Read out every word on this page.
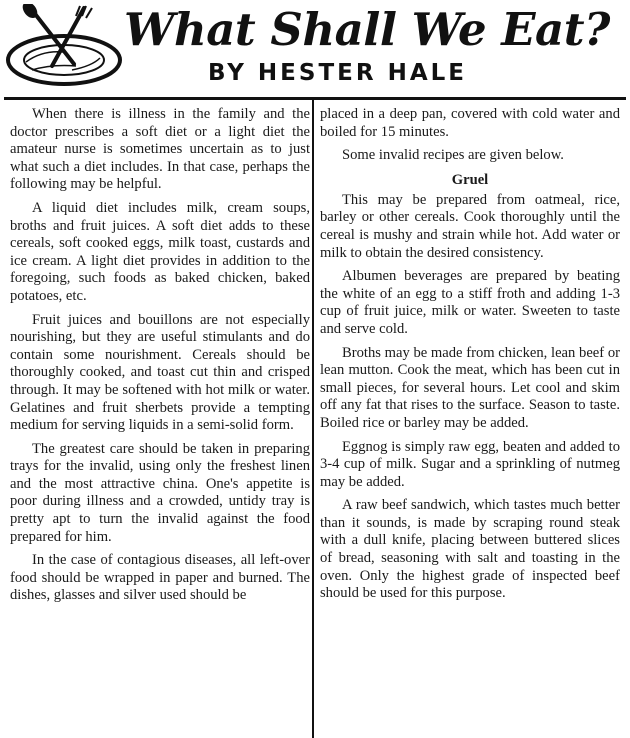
What Shall We Eat?
BY HESTER HALE

When there is illness in the family and the doctor prescribes a soft diet or a light diet the amateur nurse is sometimes uncertain as to just what such a diet includes. In that case, perhaps the following may be helpful.

A liquid diet includes milk, cream soups, broths and fruit juices. A soft diet adds to these cereals, soft cooked eggs, milk toast, custards and ice cream. A light diet provides in addition to the foregoing, such foods as baked chicken, baked potatoes, etc.

Fruit juices and bouillons are not especially nourishing, but they are useful stimulants and do contain some nourishment. Cereals should be thoroughly cooked, and toast cut thin and crisped through. It may be softened with hot milk or water. Gelatines and fruit sherbets provide a tempting medium for serving liquids in a semi-solid form.

The greatest care should be taken in preparing trays for the invalid, using only the freshest linen and the most attractive china. One's appetite is poor during illness and a crowded, untidy tray is pretty apt to turn the invalid against the food prepared for him.

In the case of contagious diseases, all left-over food should be wrapped in paper and burned. The dishes, glasses and silver used should be

placed in a deep pan, covered with cold water and boiled for 15 minutes.

Some invalid recipes are given below.

Gruel

This may be prepared from oatmeal, rice, barley or other cereals. Cook thoroughly until the cereal is mushy and strain while hot. Add water or milk to obtain the desired consistency.

Albumen beverages are prepared by beating the white of an egg to a stiff froth and adding 1-3 cup of fruit juice, milk or water. Sweeten to taste and serve cold.

Broths may be made from chicken, lean beef or lean mutton. Cook the meat, which has been cut in small pieces, for several hours. Let cool and skim off any fat that rises to the surface. Season to taste. Boiled rice or barley may be added.

Eggnog is simply raw egg, beaten and added to 3-4 cup of milk. Sugar and a sprinkling of nutmeg may be added.

A raw beef sandwich, which tastes much better than it sounds, is made by scraping round steak with a dull knife, placing between buttered slices of bread, seasoning with salt and toasting in the oven. Only the highest grade of inspected beef should be used for this purpose.
